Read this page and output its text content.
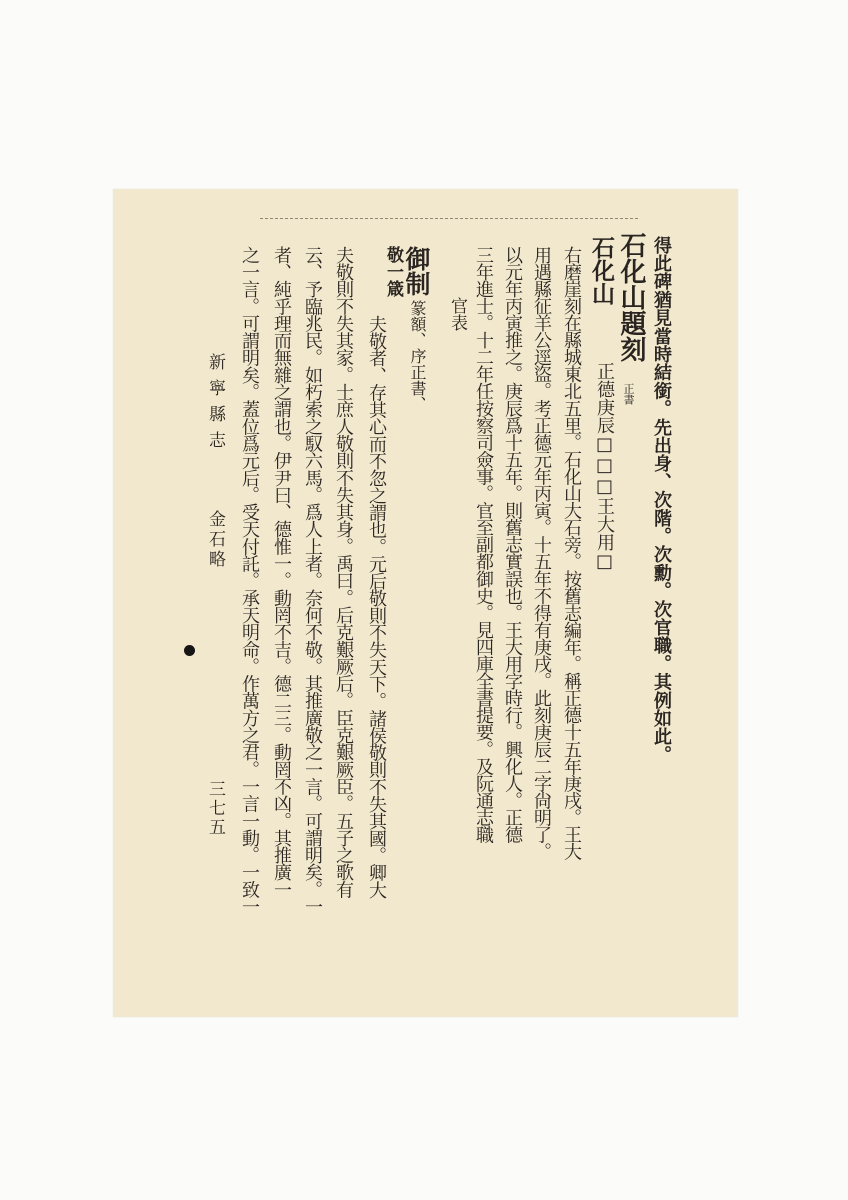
得此碑猶見當時結銜。先出身、次階。次勳。次官職。其例如此。
石化山題刻
正書
石化山
正德庚辰□□□王大用□
右磨崖刻在縣城東北五里。石化山大石旁。按舊志編年。稱正德十五年庚戌。王大
用遇縣征羊公逕盜。考正德元年丙寅。十五年不得有庚戌。此刻庚辰二字尙明了。
以元年丙寅推之。庚辰爲十五年。則舊志實誤也。王大用字時行。興化人。正德
三年進士。十二年任按察司僉事。官至副都御史。見四庫全書提要。及阮通志職
官表
御制
篆額、序正書、
敬一箴
夫敬者、存其心而不忽之謂也。元后敬則不失天下。諸侯敬則不失其國。卿大
夫敬則不失其家。士庶人敬則不失其身。禹曰。后克艱厥后。臣克艱厥臣。五子之歌有
云、予臨兆民。如朽索之馭六馬。爲人上者。奈何不敬。其推廣敬之一言。可謂明矣。一
者、純乎理而無雜之謂也。伊尹曰、德惟一。動罔不吉。德二三。動罔不凶。其推廣一
之一言。可謂明矣。蓋位爲元后。受天付託。承天明命。作萬方之君。一言一動。一致一
新寧縣志
金石略
三七五
